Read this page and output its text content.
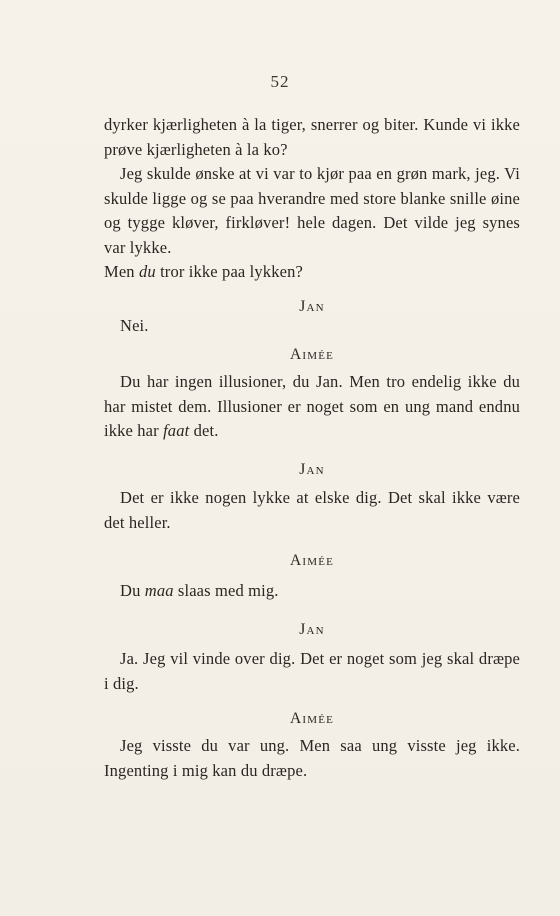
52

dyrker kjærligheten à la tiger, snerrer og biter. Kunde vi ikke prøve kjærligheten à la ko?

Jeg skulde ønske at vi var to kjør paa en grøn mark, jeg. Vi skulde ligge og se paa hverandre med store blanke snille øine og tygge kløver, firkløver! hele dagen. Det vilde jeg synes var lykke.

Men du tror ikke paa lykken?

Jan

Nei.

Aimée

Du har ingen illusioner, du Jan. Men tro endelig ikke du har mistet dem. Illusioner er noget som en ung mand endnu ikke har faat det.

Jan

Det er ikke nogen lykke at elske dig. Det skal ikke være det heller.

Aimée

Du maa slaas med mig.

Jan

Ja. Jeg vil vinde over dig. Det er noget som jeg skal dræpe i dig.

Aimée

Jeg visste du var ung. Men saa ung visste jeg ikke. Ingenting i mig kan du dræpe.
